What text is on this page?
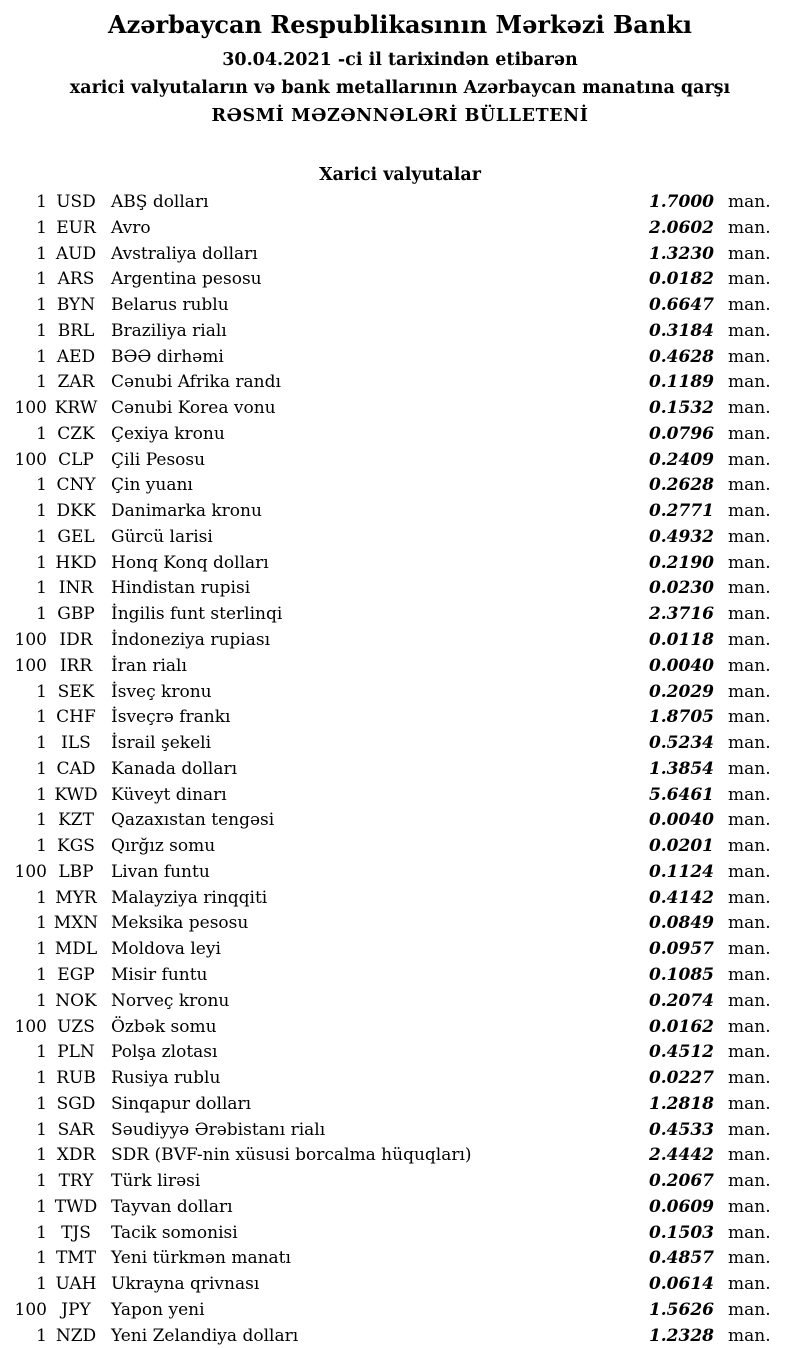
Azərbaycan Respublikasının Mərkəzi Bankı
30.04.2021 -ci il tarixindən etibarən
xarici valyutaların və bank metallarının Azərbaycan manatına qarşı
RƏSMİ MƏZƏNNƏLƏRİ BÜLLETENİ
Xarici valyutalar
1 USD ABŞ dolları	1.7000 man.
1 EUR Avro	2.0602 man.
1 AUD Avstraliya dolları	1.3230 man.
1 ARS Argentina pesosu	0.0182 man.
1 BYN Belarus rublu	0.6647 man.
1 BRL Braziliya rialı	0.3184 man.
1 AED BƏƏ dirhəmi	0.4628 man.
1 ZAR Cənubi Afrika randı	0.1189 man.
100 KRW Cənubi Korea vonu	0.1532 man.
1 CZK Çexiya kronu	0.0796 man.
100 CLP	Çili Pesosu	0.2409 man.
1 CNY Çin yuanı	0.2628 man.
1 DKK Danimarka kronu	0.2771 man.
1 GEL Gürcü larisi	0.4932 man.
1 HKD Honq Konq dolları	0.2190 man.
1 INR	Hindistan rupisi	0.0230 man.
1 GBP İngilis funt sterlinqi	2.3716 man.
100 IDR	İndoneziya rupiası	0.0118 man.
100 IRR	İran rialı	0.0040 man.
1 SEK İsveç kronu	0.2029 man.
1 CHF İsveçrə frankı	1.8705 man.
1 ILS	İsrail şekeli	0.5234 man.
1 CAD Kanada dolları	1.3854 man.
1 KWD Küveyt dinarı	5.6461 man.
1 KZT	Qazaxıstan tengəsi	0.0040 man.
1 KGS Qırğız somu	0.0201 man.
100 LBP	Livan funtu	0.1124 man.
1 MYR Malayziya rinqqiti	0.4142 man.
1 MXN Meksika pesosu	0.0849 man.
1 MDL Moldova leyi	0.0957 man.
1 EGP Misir funtu	0.1085 man.
1 NOK Norveç kronu	0.2074 man.
100 UZS Özbək somu	0.0162 man.
1 PLN Polşa zlotası	0.4512 man.
1 RUB Rusiya rublu	0.0227 man.
1 SGD Sinqapur dolları	1.2818 man.
1 SAR Səudiyyə Ərəbistanı rialı	0.4533 man.
1 XDR SDR (BVF-nin xüsusi borcalma hüquqları)	2.4442 man.
1 TRY	Türk lirəsi	0.2067 man.
1 TWD Tayvan dolları	0.0609 man.
1 TJS	Tacik somonisi	0.1503 man.
1 TMT Yeni türkmən manatı	0.4857 man.
1 UAH Ukrayna qrivnası	0.0614 man.
100 JPY	Yapon yeni	1.5626 man.
1 NZD Yeni Zelandiya dolları	1.2328 man.
